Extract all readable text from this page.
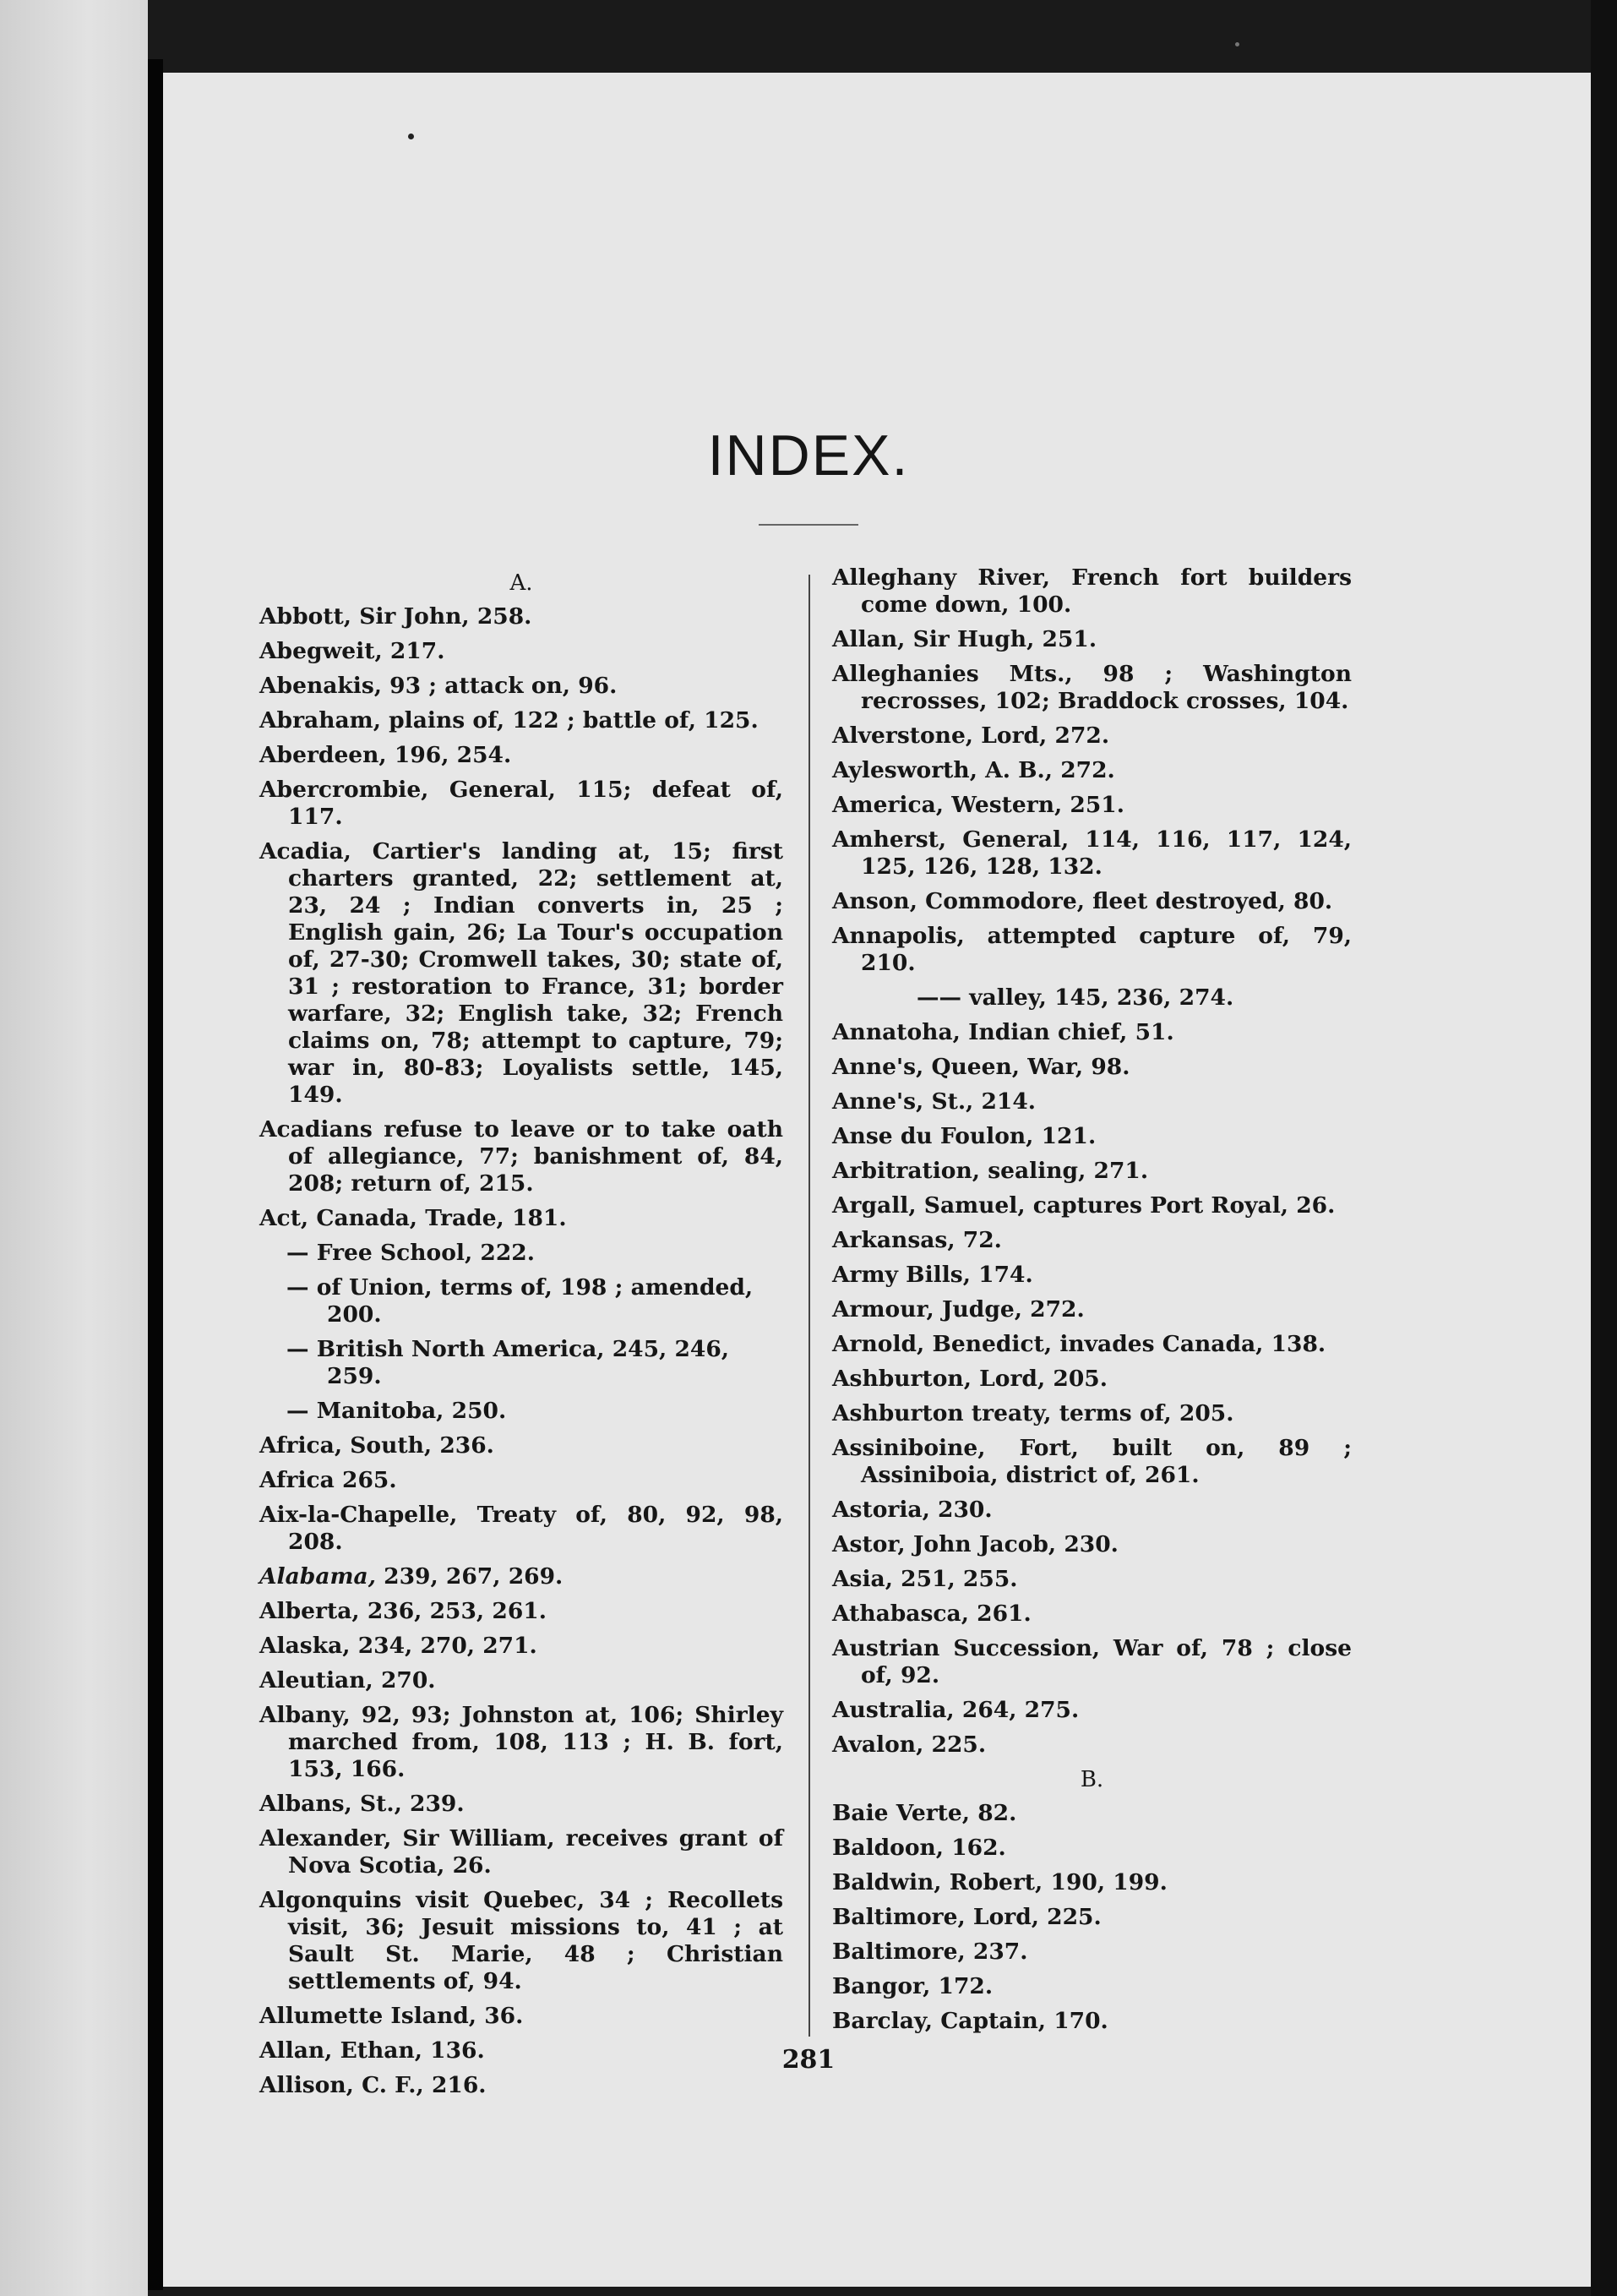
INDEX.
A.
Abbott, Sir John, 258.
Abegweit, 217.
Abenakis, 93 ; attack on, 96.
Abraham, plains of, 122 ; battle of, 125.
Aberdeen, 196, 254.
Abercrombie, General, 115; defeat of, 117.
Acadia, Cartier's landing at, 15; first charters granted, 22; settlement at, 23, 24 ; Indian converts in, 25 ; English gain, 26; La Tour's occupation of, 27-30; Cromwell takes, 30; state of, 31 ; restoration to France, 31; border warfare, 32; English take, 32; French claims on, 78; attempt to capture, 79; war in, 80-83; Loyalists settle, 145, 149.
Acadians refuse to leave or to take oath of allegiance, 77; banishment of, 84, 208; return of, 215.
Act, Canada, Trade, 181.
— Free School, 222.
— of Union, terms of, 198 ; amended, 200.
— British North America, 245, 246, 259.
— Manitoba, 250.
Africa, South, 236.
Africa 265.
Aix-la-Chapelle, Treaty of, 80, 92, 98, 208.
Alabama, 239, 267, 269.
Alberta, 236, 253, 261.
Alaska, 234, 270, 271.
Aleutian, 270.
Albany, 92, 93; Johnston at, 106; Shirley marched from, 108, 113 ; H. B. fort, 153, 166.
Albans, St., 239.
Alexander, Sir William, receives grant of Nova Scotia, 26.
Algonquins visit Quebec, 34 ; Recollets visit, 36; Jesuit missions to, 41 ; at Sault St. Marie, 48 ; Christian settlements of, 94.
Allumette Island, 36.
Allan, Ethan, 136.
Allison, C. F., 216.
Alleghany River, French fort builders come down, 100.
Allan, Sir Hugh, 251.
Alleghanies Mts., 98 ; Washington recrosses, 102; Braddock crosses, 104.
Alverstone, Lord, 272.
Aylesworth, A. B., 272.
America, Western, 251.
Amherst, General, 114, 116, 117, 124, 125, 126, 128, 132.
Anson, Commodore, fleet destroyed, 80.
Annapolis, attempted capture of, 79, 210.
—— valley, 145, 236, 274.
Annatoha, Indian chief, 51.
Anne's, Queen, War, 98.
Anne's, St., 214.
Anse du Foulon, 121.
Arbitration, sealing, 271.
Argall, Samuel, captures Port Royal, 26.
Arkansas, 72.
Army Bills, 174.
Armour, Judge, 272.
Arnold, Benedict, invades Canada, 138.
Ashburton, Lord, 205.
Ashburton treaty, terms of, 205.
Assiniboine, Fort, built on, 89 ; Assiniboia, district of, 261.
Astoria, 230.
Astor, John Jacob, 230.
Asia, 251, 255.
Athabasca, 261.
Austrian Succession, War of, 78 ; close of, 92.
Australia, 264, 275.
Avalon, 225.
B.
Baie Verte, 82.
Baldoon, 162.
Baldwin, Robert, 190, 199.
Baltimore, Lord, 225.
Baltimore, 237.
Bangor, 172.
Barclay, Captain, 170.
281
